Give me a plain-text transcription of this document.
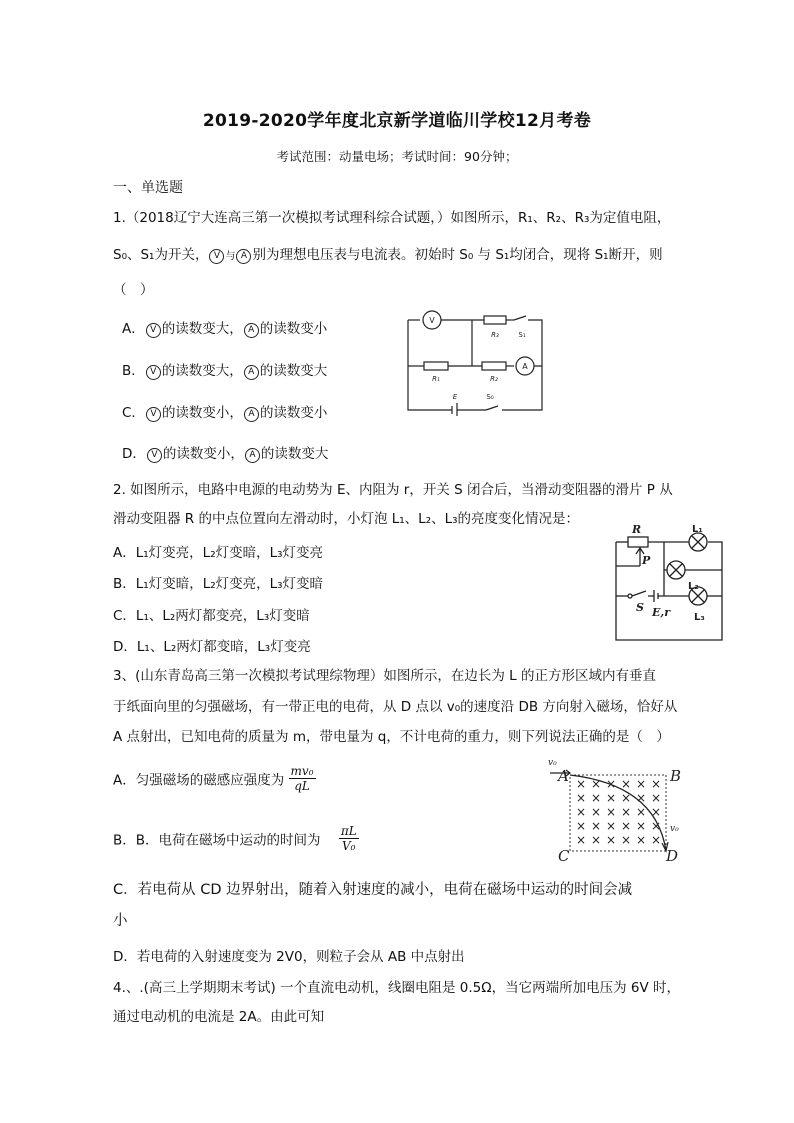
2019-2020学年度北京新学道临川学校12月考卷
考试范围：动量电场；考试时间：90分钟；
一、单选题
1.（2018辽宁大连高三第一次模拟考试理科综合试题，）如图所示，R₁、R₂、R₃为定值电阻，
S₀、S₁为开关， V 与 A 别为理想电压表与电流表。初始时 S₀ 与 S₁均闭合，现将 S₁断开，则
（　）
A． V 的读数变大， A 的读数变小
B． V 的读数变大， A 的读数变大
C． V 的读数变小， A 的读数变小
D． V 的读数变小， A 的读数变大
V
A
R₃	S₁
R₁	R₂
E	S₀
2. 如图所示，电路中电源的电动势为 E、内阻为 r，开关 S 闭合后，当滑动变阻器的滑片 P 从
滑动变阻器 R 的中点位置向左滑动时，小灯泡 L₁、L₂、L₃的亮度变化情况是：
A．L₁灯变亮，L₂灯变暗，L₃灯变亮
B．L₁灯变暗，L₂灯变亮，L₃灯变暗
C．L₁、L₂两灯都变亮，L₃灯变暗
D．L₁、L₂两灯都变暗，L₃灯变亮
R
P
S E,r
L₁
L₂
L₃
3、(山东青岛高三第一次模拟考试理综物理）如图所示，在边长为 L 的正方形区域内有垂直
于纸面向里的匀强磁场，有一带正电的电荷，从 D 点以 v₀的速度沿 DB 方向射入磁场，恰好从
A 点射出，已知电荷的质量为 m，带电量为 q，不计电荷的重力，则下列说法正确的是（　）
A．匀强磁场的磁感应强度为 $\frac{\text{mv₀}}{qL}$
B．B．电荷在磁场中运动的时间为 $\frac{\pi L}{\text{V₀}}$
C．若电荷从 CD 边界射出，随着入射速度的减小，电荷在磁场中运动的时间会减
小
D．若电荷的入射速度变为 2V0，则粒子会从 AB 中点射出
× × × × × ×
× × × × × ×
× × × × × ×
× × × × × ×
× × × × × ×
A	B
C	D
v₀
v₀
4.、.(高三上学期期末考试) 一个直流电动机，线圈电阻是 0.5Ω，当它两端所加电压为 6V 时，
通过电动机的电流是 2A。由此可知
